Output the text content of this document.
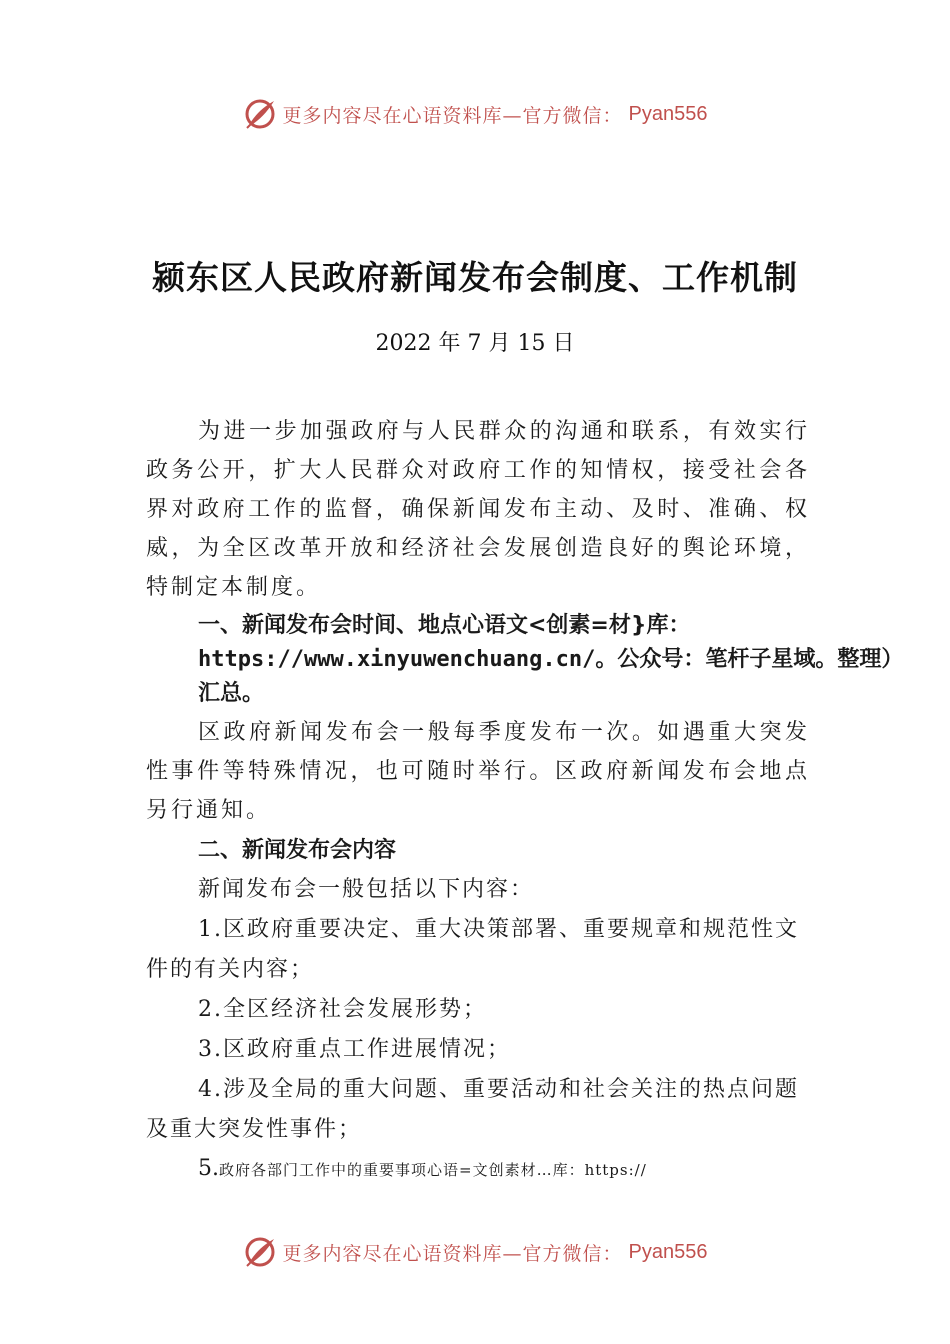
更多内容尽在心语资料库—官方微信： Pyan556
颍东区人民政府新闻发布会制度、工作机制
2022 年 7 月 15 日

为进一步加强政府与人民群众的沟通和联系，有效实行政务公开，扩大人民群众对政府工作的知情权，接受社会各界对政府工作的监督，确保新闻发布主动、及时、准确、权威，为全区改革开放和经济社会发展创造良好的舆论环境， 特制定本制度。

一、新闻发布会时间、地点心语文<创素=材}库：https://www.xinyuwenchuang.cn/。公众号：笔杆子星域。整理）汇总。

区政府新闻发布会一般每季度发布一次。如遇重大突发性事件等特殊情况，也可随时举行。区政府新闻发布会地点另行通知。

二、新闻发布会内容

新闻发布会一般包括以下内容：

1.区政府重要决定、重大决策部署、重要规章和规范性文件的有关内容；

2.全区经济社会发展形势；

3.区政府重点工作进展情况；

4.涉及全局的重大问题、重要活动和社会关注的热点问题及重大突发性事件；

5.政府各部门工作中的重要事项心语=文创素材…库：https://

更多内容尽在心语资料库—官方微信： Pyan556
